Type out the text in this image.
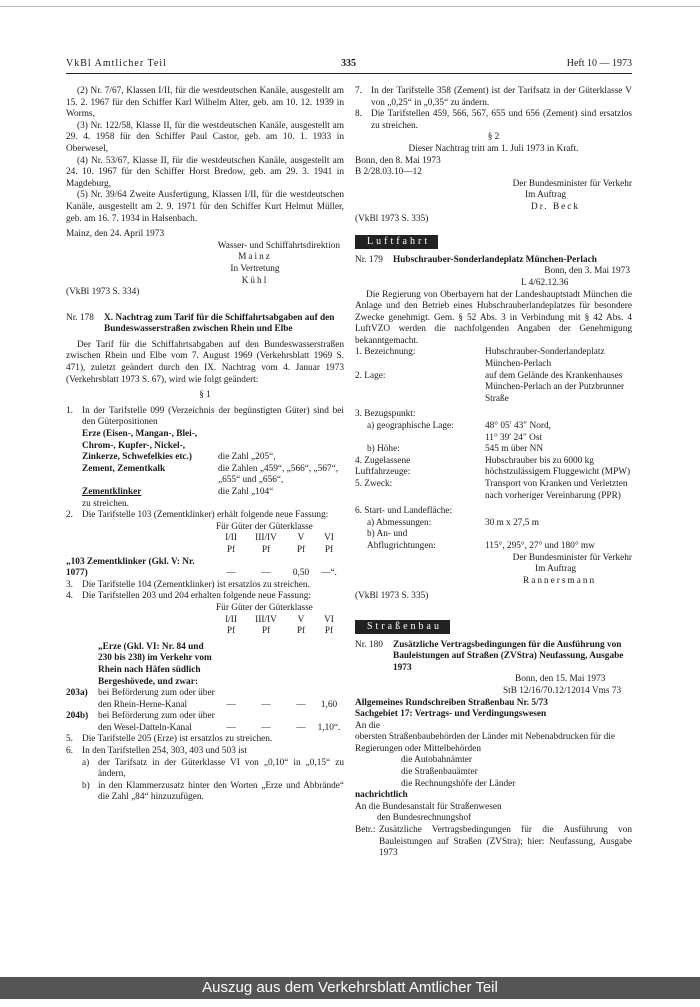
VkBl Amtlicher Teil	335	Heft 10 — 1973

(2) Nr. 7/67, Klassen I/II, für die westdeutschen Kanäle, ausgestellt am 15. 2. 1967 für den Schiffer Karl Wilhelm Alter, geb. am 10. 12. 1939 in Worms,

(3) Nr. 122/58, Klasse II, für die westdeutschen Kanäle, ausgestellt am 29. 4. 1958 für den Schiffer Paul Castor, geb. am 10. 1. 1933 in Oberwesel,

(4) Nr. 53/67, Klasse II, für die westdeutschen Kanäle, ausgestellt am 24. 10. 1967 für den Schiffer Horst Bredow, geb. am 29. 3. 1941 in Magdeburg,

(5) Nr. 39/64 Zweite Ausfertigung, Klassen I/II, für die westdeutschen Kanäle, ausgestellt am 2. 9. 1971 für den Schiffer Kurt Helmut Müller, geb. am 16. 7. 1934 in Halsenbach.

Mainz, den 24. April 1973

Wasser- und Schiffahrtsdirektion

Mainz

In Vertretung

Kühl

(VkBl 1973 S. 334)

Nr. 178	X. Nachtrag zum Tarif für die Schiffahrtsabgaben auf den Bundeswasserstraßen zwischen Rhein und Elbe

Der Tarif für die Schiffahrtsabgaben auf den Bundeswasserstraßen zwischen Rhein und Elbe vom 7. August 1969 (Verkehrsblatt 1969 S. 471), zuletzt geändert durch den IX. Nachtrag vom 4. Januar 1973 (Verkehrsblatt 1973 S. 67), wird wie folgt geändert:

§ 1

1. In der Tarifstelle 099 (Verzeichnis der begünstigten Güter) sind bei den Güterpositionen
Erze (Eisen-, Mangan-, Blei-, Chrom-, Kupfer-, Nickel-, Zinkerze, Schwefelkies etc.)	die Zahl „205“,
Zement, Zementkalk	die Zahlen „459“, „566“, „567“, „655“ und „656“,
Zementklinker	die Zahl „104“

zu streichen.

2. Die Tarifstelle 103 (Zementklinker) erhält folgende neue Fassung:

Für Güter der Güterklasse

I/II	III/IV	V	VI
Pf	Pf	Pf	Pf
„103 Zementklinker (Gkl. V: Nr. 1077)	—	—	0,50	—“.
3. Die Tarifstelle 104 (Zementklinker) ist ersatzlos zu streichen.
4. Die Tarifstellen 203 und 204 erhalten folgende neue Fassung:

Für Güter der Güterklasse

I/II	III/IV	V	VI
Pf	Pf	Pf	Pf

„Erze (Gkl. VI: Nr. 84 und 230 bis 238) im Verkehr vom Rhein nach Häfen südlich Bergeshövede, und zwar:

203a)	bei Beförderung zum oder über den Rhein-Herne-Kanal	—	—	—	1,60
204b)	bei Beförderung zum oder über den Wesel-Datteln-Kanal	—	—	—	1,10“.
5. Die Tarifstelle 205 (Erze) ist ersatzlos zu streichen.
6. In den Tarifstellen 254, 303, 403 und 503 ist
a) der Tarifsatz in der Güterklasse VI von „0,10“ in „0,15“ zu ändern,
b) in den Klammerzusatz hinter den Worten „Erze und Abbrände“ die Zahl „84“ hinzuzufügen.
7. In der Tarifstelle 358 (Zement) ist der Tarifsatz in der Güterklasse V von „0,25“ in „0,35“ zu ändern.
8. Die Tarifstellen 459, 566, 567, 655 und 656 (Zement) sind ersatzlos zu streichen.

§ 2

Dieser Nachtrag tritt am 1. Juli 1973 in Kraft.

Bonn, den 8. Mai 1973

B 2/28.03.10—12

Der Bundesminister für Verkehr

Im Auftrag

Dr. Beck

(VkBl 1973 S. 335)

Luftfahrt
Nr. 179	Hubschrauber-Sonderlandeplatz München-Perlach

Bonn, den 3. Mai 1973

L 4/62.12.36

Die Regierung von Oberbayern hat der Landeshauptstadt München die Anlage und den Betrieb eines Hubschrauberlandeplatzes für besondere Zwecke genehmigt. Gem. § 52 Abs. 3 in Verbindung mit § 42 Abs. 4 LuftVZO werden die nachfolgenden Angaben der Genehmigung bekanntgemacht.

1. Bezeichnung:	Hubschrauber-Sonderlandeplatz München-Perlach
2. Lage:	auf dem Gelände des Krankenhauses München-Perlach an der Putzbrunner Straße

3. Bezugspunkt:

a) geographische Lage:	48° 05′ 43″ Nord,

11° 39′ 24″ Ost

b) Höhe:	545 m über NN
4. Zugelassene Luftfahrzeuge:
Hubschrauber bis zu 6000 kg höchstzulässigem Fluggewicht (MPW)
5. Zweck:	Transport von Kranken und Verletzten nach vorheriger Vereinbarung (PPR)

6. Start- und Landefläche:

a) Abmessungen:	30 m x 27,5 m
b) An- und Abflugrichtungen:	115°, 295°, 27° und 180° mw

Der Bundesminister für Verkehr

Im Auftrag

Rannersmann

(VkBl 1973 S. 335)

Straßenbau
Nr. 180	Zusätzliche Vertragsbedingungen für die Ausführung von Bauleistungen auf Straßen (ZVStra) Neufassung, Ausgabe 1973

Bonn, den 15. Mai 1973

StB 12/16/70.12/12014 Vms 73

Allgemeines Rundschreiben Straßenbau Nr. 5/73

Sachgebiet 17: Vertrags- und Verdingungswesen

An die

obersten Straßenbaubehörden der Länder mit Nebenabdrucken für die Regierungen oder Mittelbehörden

die Autobahnämter

die Straßenbauämter

die Rechnungshöfe der Länder

nachrichtlich

An die Bundesanstalt für Straßenwesen

den Bundesrechnungshof

Betr.: Zusätzliche Vertragsbedingungen für die Ausführung von Bauleistungen auf Straßen (ZVStra); hier: Neufassung, Ausgabe 1973
Auszug aus dem Verkehrsblatt Amtlicher Teil
